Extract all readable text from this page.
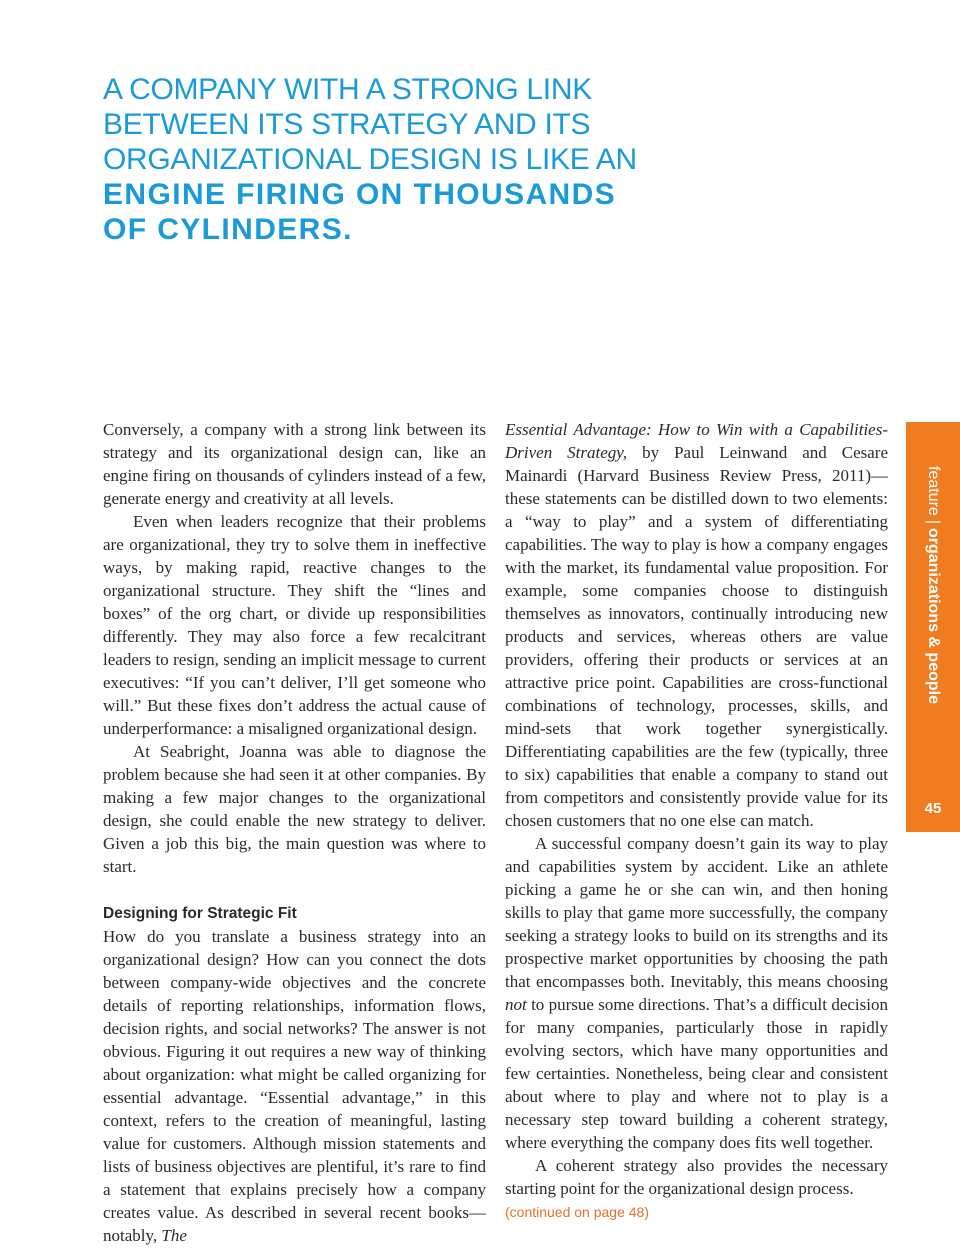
A COMPANY WITH A STRONG LINK
BETWEEN ITS STRATEGY AND ITS
ORGANIZATIONAL DESIGN IS LIKE AN
ENGINE FIRING ON THOUSANDS
OF CYLINDERS.

Conversely, a company with a strong link between its strategy and its organizational design can, like an engine firing on thousands of cylinders instead of a few, generate energy and creativity at all levels.

Even when leaders recognize that their problems are organizational, they try to solve them in ineffective ways, by making rapid, reactive changes to the organizational structure. They shift the “lines and boxes” of the org chart, or divide up responsibilities differently. They may also force a few recalcitrant leaders to resign, sending an implicit message to current executives: “If you can’t deliver, I’ll get someone who will.” But these fixes don’t address the actual cause of underperformance: a misaligned organizational design.

At Seabright, Joanna was able to diagnose the problem because she had seen it at other companies. By making a few major changes to the organizational design, she could enable the new strategy to deliver. Given a job this big, the main question was where to start.

Designing for Strategic Fit

How do you translate a business strategy into an organizational design? How can you connect the dots between company-wide objectives and the concrete details of reporting relationships, information flows, decision rights, and social networks? The answer is not obvious. Figuring it out requires a new way of thinking about organization: what might be called organizing for essential advantage. “Essential advantage,” in this context, refers to the creation of meaningful, lasting value for customers. Although mission statements and lists of business objectives are plentiful, it’s rare to find a statement that explains precisely how a company creates value. As described in several recent books—notably, The

Essential Advantage: How to Win with a Capabilities-Driven Strategy, by Paul Leinwand and Cesare Mainardi (Harvard Business Review Press, 2011)—these statements can be distilled down to two elements: a “way to play” and a system of differentiating capabilities. The way to play is how a company engages with the market, its fundamental value proposition. For example, some companies choose to distinguish themselves as innovators, continually introducing new products and services, whereas others are value providers, offering their products or services at an attractive price point. Capabilities are cross-functional combinations of technology, processes, skills, and mind-sets that work together synergistically. Differentiating capabilities are the few (typically, three to six) capabilities that enable a company to stand out from competitors and consistently provide value for its chosen customers that no one else can match.

A successful company doesn’t gain its way to play and capabilities system by accident. Like an athlete picking a game he or she can win, and then honing skills to play that game more successfully, the company seeking a strategy looks to build on its strengths and its prospective market opportunities by choosing the path that encompasses both. Inevitably, this means choosing not to pursue some directions. That’s a difficult decision for many companies, particularly those in rapidly evolving sectors, which have many opportunities and few certainties. Nonetheless, being clear and consistent about where to play and where not to play is a necessary step toward building a coherent strategy, where everything the company does fits well together.

A coherent strategy also provides the necessary starting point for the organizational design process.

(continued on page 48)
feature|organizations & people
45
